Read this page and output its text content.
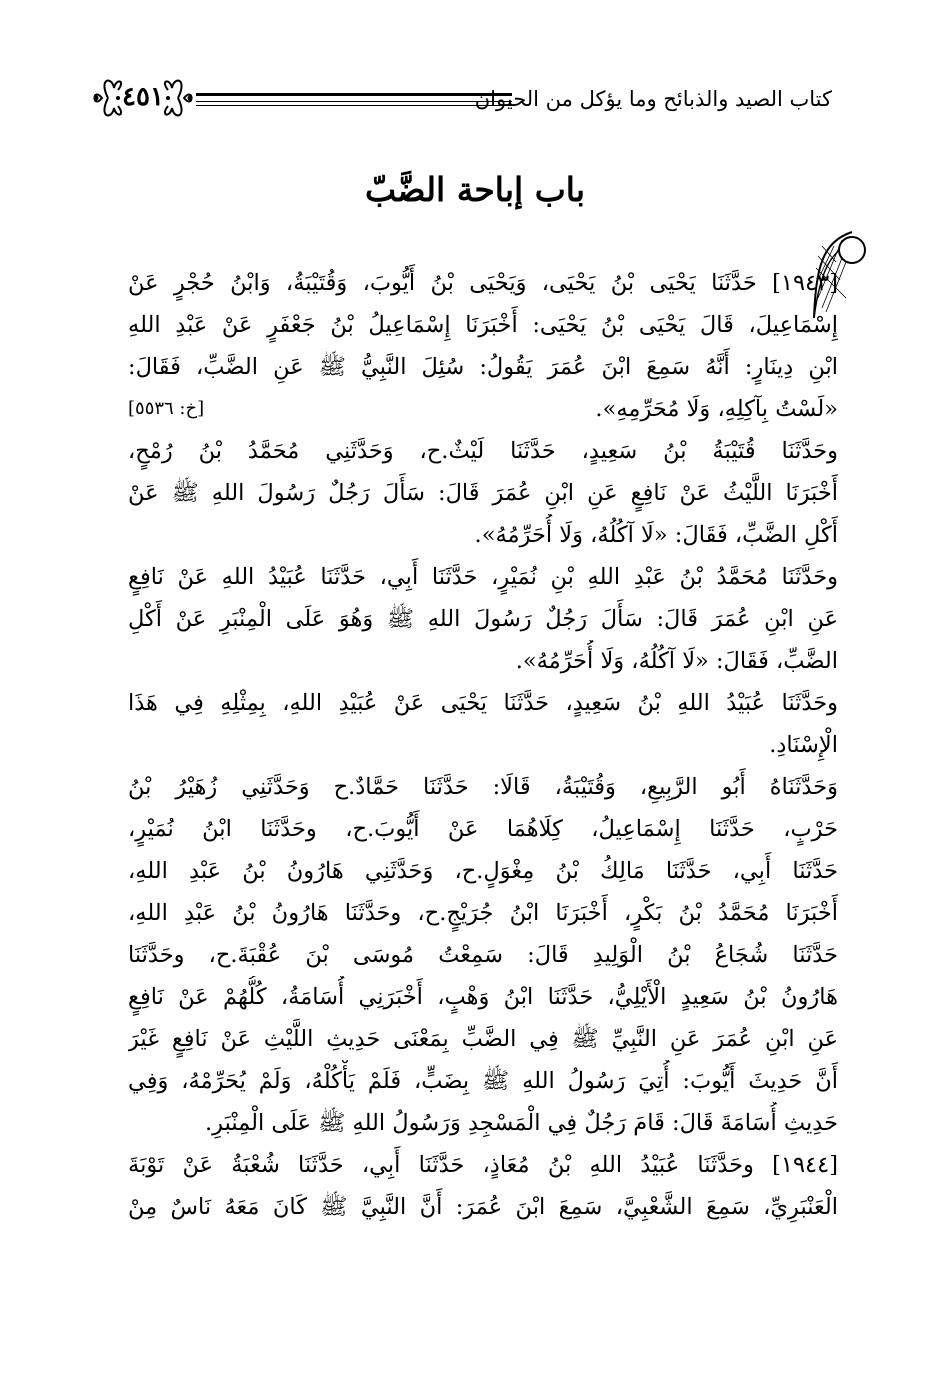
كتاب الصيد والذبائح وما يؤكل من الحيوان
٤٥١
باب إباحة الضَّبّ
[١٩٤٣] حَدَّثَنَا يَحْيَى بْنُ يَحْيَى، وَيَحْيَى بْنُ أَيُّوبَ، وَقُتَيْبَةُ، وَابْنُ حُجْرٍ عَنْ
إِسْمَاعِيلَ، قَالَ يَحْيَى بْنُ يَحْيَى: أَخْبَرَنَا إِسْمَاعِيلُ بْنُ جَعْفَرٍ عَنْ عَبْدِ اللهِ
ابْنِ دِينَارٍ: أَنَّهُ سَمِعَ ابْنَ عُمَرَ يَقُولُ: سُئِلَ النَّبِيُّ ﷺ عَنِ الضَّبِّ، فَقَالَ:
«لَسْتُ بِآكِلِهِ، وَلَا مُحَرِّمِهِ».
[خ: ٥٥٣٦]
وحَدَّثَنَا قُتَيْبَةُ بْنُ سَعِيدٍ، حَدَّثَنَا لَيْثٌ.ح، وَحَدَّثَنِي مُحَمَّدُ بْنُ رُمْحٍ،
أَخْبَرَنَا اللَّيْثُ عَنْ نَافِعٍ عَنِ ابْنِ عُمَرَ قَالَ: سَأَلَ رَجُلٌ رَسُولَ اللهِ ﷺ عَنْ
أَكْلِ الضَّبِّ، فَقَالَ: «لَا آكُلُهُ، وَلَا أُحَرِّمُهُ».
وحَدَّثَنَا مُحَمَّدُ بْنُ عَبْدِ اللهِ بْنِ نُمَيْرٍ، حَدَّثَنَا أَبِي، حَدَّثَنَا عُبَيْدُ اللهِ عَنْ نَافِعٍ
عَنِ ابْنِ عُمَرَ قَالَ: سَأَلَ رَجُلٌ رَسُولَ اللهِ ﷺ وَهُوَ عَلَى الْمِنْبَرِ عَنْ أَكْلِ
الضَّبِّ، فَقَالَ: «لَا آكُلُهُ، وَلَا أُحَرِّمُهُ».
وحَدَّثَنَا عُبَيْدُ اللهِ بْنُ سَعِيدٍ، حَدَّثَنَا يَحْيَى عَنْ عُبَيْدِ اللهِ، بِمِثْلِهِ فِي هَذَا
الْإِسْنَادِ.
وَحَدَّثَنَاهُ أَبُو الرَّبِيعِ، وَقُتَيْبَةُ، قَالَا: حَدَّثَنَا حَمَّادٌ.ح وَحَدَّثَنِي زُهَيْرُ بْنُ
حَرْبٍ، حَدَّثَنَا إِسْمَاعِيلُ، كِلَاهُمَا عَنْ أَيُّوبَ.ح، وحَدَّثَنَا ابْنُ نُمَيْرٍ،
حَدَّثَنَا أَبِي، حَدَّثَنَا مَالِكُ بْنُ مِغْوَلٍ.ح، وَحَدَّثَنِي هَارُونُ بْنُ عَبْدِ اللهِ،
أَخْبَرَنَا مُحَمَّدُ بْنُ بَكْرٍ، أَخْبَرَنَا ابْنُ جُرَيْجٍ.ح، وحَدَّثَنَا هَارُونُ بْنُ عَبْدِ اللهِ،
حَدَّثَنَا شُجَاعُ بْنُ الْوَلِيدِ قَالَ: سَمِعْتُ مُوسَى بْنَ عُقْبَةَ.ح، وحَدَّثَنَا
هَارُونُ بْنُ سَعِيدٍ الْأَيْلِيُّ، حَدَّثَنَا ابْنُ وَهْبٍ، أَخْبَرَنِي أُسَامَةُ، كُلُّهُمْ عَنْ نَافِعٍ
عَنِ ابْنِ عُمَرَ عَنِ النَّبِيِّ ﷺ فِي الضَّبِّ بِمَعْنَى حَدِيثِ اللَّيْثِ عَنْ نَافِعٍ غَيْرَ
أَنَّ حَدِيثَ أَيُّوبَ: أُتِيَ رَسُولُ اللهِ ﷺ بِضَبٍّ، فَلَمْ يَأْكُلْهُ، وَلَمْ يُحَرِّمْهُ، وَفِي
حَدِيثِ أُسَامَةَ قَالَ: قَامَ رَجُلٌ فِي الْمَسْجِدِ وَرَسُولُ اللهِ ﷺ عَلَى الْمِنْبَرِ.
[١٩٤٤] وحَدَّثَنَا عُبَيْدُ اللهِ بْنُ مُعَاذٍ، حَدَّثَنَا أَبِي، حَدَّثَنَا شُعْبَةُ عَنْ تَوْبَةَ
الْعَنْبَرِيِّ، سَمِعَ الشَّعْبِيَّ، سَمِعَ ابْنَ عُمَرَ: أَنَّ النَّبِيَّ ﷺ كَانَ مَعَهُ نَاسٌ مِنْ
